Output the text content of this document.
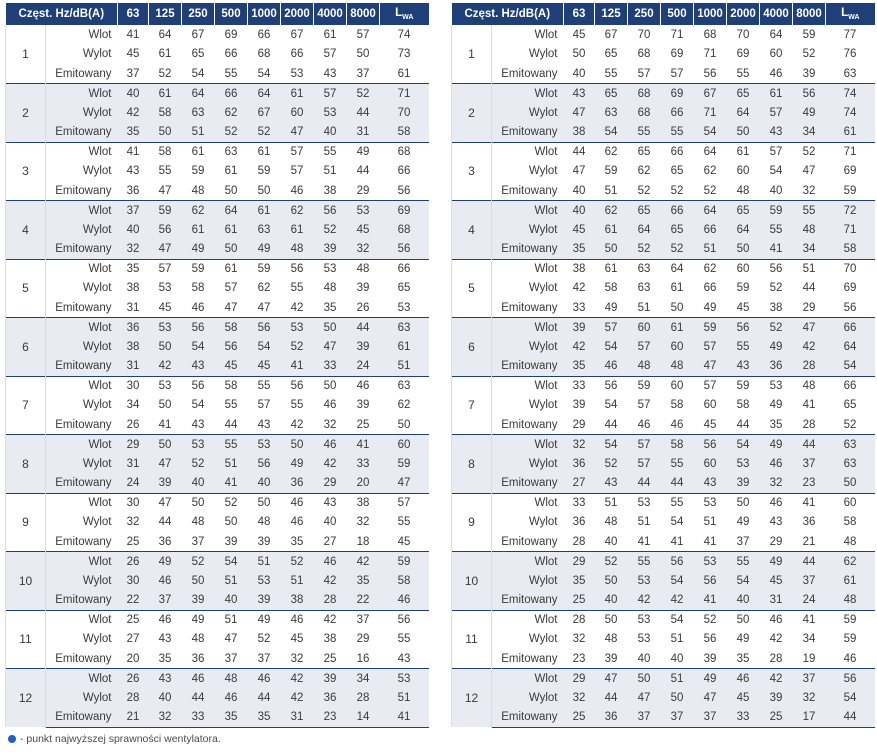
Częst. Hz/dB(A)		63	125	250	500	1000	2000	4000	8000	$L_{WA}$
1	Wlot	41	64	67	69	66	67	61	57	74
	Wylot	45	61	65	66	68	66	57	50	73
	Emitowany	37	52	54	55	54	53	43	37	61
2	Wlot	40	61	64	66	64	61	57	52	71
	Wylot	42	58	63	62	67	60	53	44	70
	Emitowany	35	50	51	52	52	47	40	31	58
3	Wlot	41	58	61	63	61	57	55	49	68
	Wylot	43	55	59	61	59	57	51	44	66
	Emitowany	36	47	48	50	50	46	38	29	56
4	Wlot	37	59	62	64	61	62	56	53	69
	Wylot	40	56	61	61	63	61	52	45	68
	Emitowany	32	47	49	50	49	48	39	32	56
5	Wlot	35	57	59	61	59	56	53	48	66
	Wylot	38	53	58	57	62	55	48	39	65
	Emitowany	31	45	46	47	47	42	35	26	53
6	Wlot	36	53	56	58	56	53	50	44	63
	Wylot	38	50	54	56	54	52	47	39	61
	Emitowany	31	42	43	45	45	41	33	24	51
7	Wlot	30	53	56	58	55	56	50	46	63
	Wylot	34	50	54	55	57	55	46	39	62
	Emitowany	26	41	43	44	43	42	32	25	50
8	Wlot	29	50	53	55	53	50	46	41	60
	Wylot	31	47	52	51	56	49	42	33	59
	Emitowany	24	39	40	41	40	36	29	20	47
9	Wlot	30	47	50	52	50	46	43	38	57
	Wylot	32	44	48	50	48	46	40	32	55
	Emitowany	25	36	37	39	39	35	27	18	45
10	Wlot	26	49	52	54	51	52	46	42	59
	Wylot	30	46	50	51	53	51	42	35	58
	Emitowany	22	37	39	40	39	38	28	22	46
11	Wlot	25	46	49	51	49	46	42	37	56
	Wylot	27	43	48	47	52	45	38	29	55
	Emitowany	20	35	36	37	37	32	25	16	43
12	Wlot	26	43	46	48	46	42	39	34	53
	Wylot	28	40	44	46	44	42	36	28	51
	Emitowany	21	32	33	35	35	31	23	14	41
Częst. Hz/dB(A)		63	125	250	500	1000	2000	4000	8000	$L_{WA}$
1	Wlot	45	67	70	71	68	70	64	59	77
	Wylot	50	65	68	69	71	69	60	52	76
	Emitowany	40	55	57	57	56	55	46	39	63
2	Wlot	43	65	68	69	67	65	61	56	74
	Wylot	47	63	68	66	71	64	57	49	74
	Emitowany	38	54	55	55	54	50	43	34	61
3	Wlot	44	62	65	66	64	61	57	52	71
	Wylot	47	59	62	65	62	60	54	47	69
	Emitowany	40	51	52	52	52	48	40	32	59
4	Wlot	40	62	65	66	64	65	59	55	72
	Wylot	45	61	64	65	66	64	55	48	71
	Emitowany	35	50	52	52	51	50	41	34	58
5	Wlot	38	61	63	64	62	60	56	51	70
	Wylot	42	58	63	61	66	59	52	44	69
	Emitowany	33	49	51	50	49	45	38	29	56
6	Wlot	39	57	60	61	59	56	52	47	66
	Wylot	42	54	57	60	57	55	49	42	64
	Emitowany	35	46	48	48	47	43	36	28	54
7	Wlot	33	56	59	60	57	59	53	48	66
	Wylot	39	54	57	58	60	58	49	41	65
	Emitowany	29	44	46	46	45	44	35	28	52
8	Wlot	32	54	57	58	56	54	49	44	63
	Wylot	36	52	57	55	60	53	46	37	63
	Emitowany	27	43	44	44	43	39	32	23	50
9	Wlot	33	51	53	55	53	50	46	41	60
	Wylot	36	48	51	54	51	49	43	36	58
	Emitowany	28	40	41	41	41	37	29	21	48
10	Wlot	29	52	55	56	53	55	49	44	62
	Wylot	35	50	53	54	56	54	45	37	61
	Emitowany	25	40	42	42	41	40	31	24	48
11	Wlot	28	50	53	54	52	50	46	41	59
	Wylot	32	48	53	51	56	49	42	34	59
	Emitowany	23	39	40	40	39	35	28	19	46
12	Wlot	29	47	50	51	49	46	42	37	56
	Wylot	32	44	47	50	47	45	39	32	54
	Emitowany	25	36	37	37	37	33	25	17	44
- punkt najwyższej sprawności wentylatora.
